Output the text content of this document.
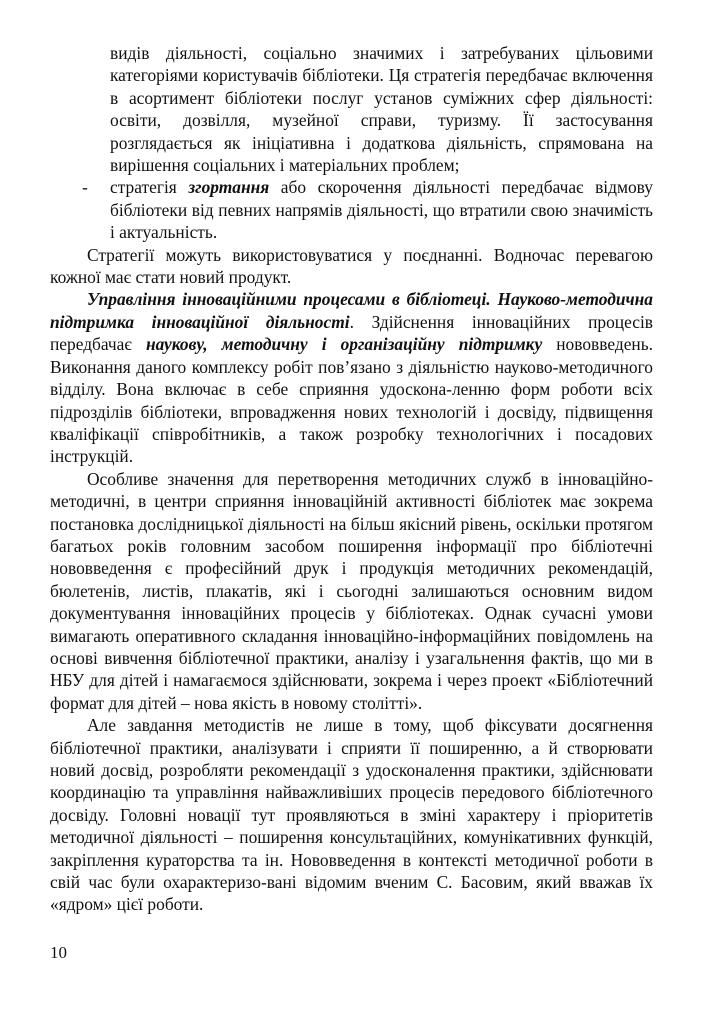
видів діяльності, соціально значимих і затребуваних цільовими категоріями користувачів бібліотеки. Ця стратегія передбачає включення в асортимент бібліотеки послуг установ суміжних сфер діяльності: освіти, дозвілля, музейної справи, туризму. Її застосування розглядається як ініціативна і додаткова діяльність, спрямована на вирішення соціальних і матеріальних проблем;

- стратегія згортання або скорочення діяльності передбачає відмову бібліотеки від певних напрямів діяльності, що втратили свою значимість і актуальність.

Стратегії можуть використовуватися у поєднанні. Водночас перевагою кожної має стати новий продукт.

Управління інноваційними процесами в бібліотеці. Науково-методична підтримка інноваційної діяльності. Здійснення інноваційних процесів передбачає наукову, методичну і організаційну підтримку нововведень. Виконання даного комплексу робіт пов’язано з діяльністю науково-методичного відділу. Вона включає в себе сприяння удоскона-ленню форм роботи всіх підрозділів бібліотеки, впровадження нових технологій і досвіду, підвищення кваліфікації співробітників, а також розробку технологічних і посадових інструкцій.

Особливе значення для перетворення методичних служб в інноваційно-методичні, в центри сприяння інноваційній активності бібліотек має зокрема постановка дослідницької діяльності на більш якісний рівень, оскільки протягом багатьох років головним засобом поширення інформації про бібліотечні нововведення є професійний друк і продукція методичних рекомендацій, бюлетенів, листів, плакатів, які і сьогодні залишаються основним видом документування інноваційних процесів у бібліотеках. Однак сучасні умови вимагають оперативного складання інноваційно-інформаційних повідомлень на основі вивчення бібліотечної практики, аналізу і узагальнення фактів, що ми в НБУ для дітей і намагаємося здійснювати, зокрема і через проект «Бібліотечний формат для дітей – нова якість в новому столітті».

Але завдання методистів не лише в тому, щоб фіксувати досягнення бібліотечної практики, аналізувати і сприяти її поширенню, а й створювати новий досвід, розробляти рекомендації з удосконалення практики, здійснювати координацію та управління найважливіших процесів передового бібліотечного досвіду. Головні новації тут проявляються в зміні характеру і пріоритетів методичної діяльності – поширення консультаційних, комунікативних функцій, закріплення кураторства та ін. Нововведення в контексті методичної роботи в свій час були охарактеризо-вані відомим вченим С. Басовим, який вважав їх «ядром» цієї роботи.

10
